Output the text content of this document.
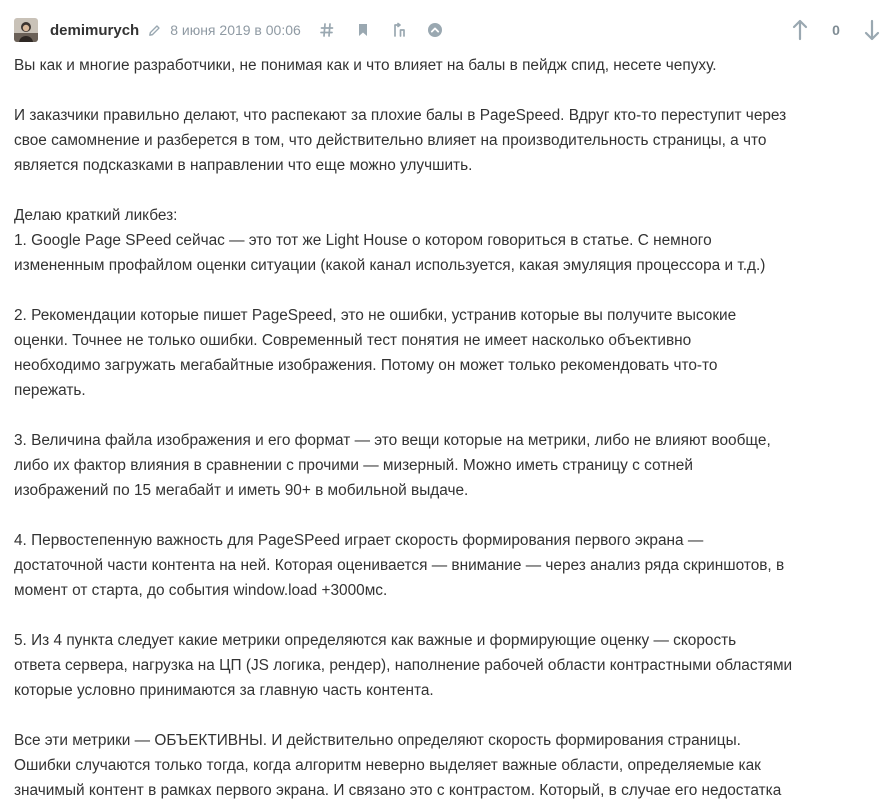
demimurych 8 июня 2019 в 00:06	0
Вы как и многие разработчики, не понимая как и что влияет на балы в пейдж спид, несете чепуху.
И заказчики правильно делают, что распекают за плохие балы в PageSpeed. Вдруг кто-то переступит через
свое самомнение и разберется в том, что действительно влияет на производительность страницы, а что
является подсказками в направлении что еще можно улучшить.
Делаю краткий ликбез:
1. Google Page SPeed сейчас — это тот же Light House о котором говориться в статье. С немного
измененным профайлом оценки ситуации (какой канал используется, какая эмуляция процессора и т.д.)
2. Рекомендации которые пишет PageSpeed, это не ошибки, устранив которые вы получите высокие
оценки. Точнее не только ошибки. Современный тест понятия не имеет насколько объективно
необходимо загружать мегабайтные изображения. Потому он может только рекомендовать что-то
пережать.
3. Величина файла изображения и его формат — это вещи которые на метрики, либо не влияют вообще,
либо их фактор влияния в сравнении с прочими — мизерный. Можно иметь страницу с сотней
изображений по 15 мегабайт и иметь 90+ в мобильной выдаче.
4. Первостепенную важность для PageSPeed играет скорость формирования первого экрана —
достаточной части контента на ней. Которая оценивается — внимание — через анализ ряда скриншотов, в
момент от старта, до события window.load +3000мс.
5. Из 4 пункта следует какие метрики определяются как важные и формирующие оценку — скорость
ответа сервера, нагрузка на ЦП (JS логика, рендер), наполнение рабочей области контрастными областями
которые условно принимаются за главную часть контента.
Все эти метрики — ОБЪЕКТИВНЫ. И действительно определяют скорость формирования страницы.
Ошибки случаются только тогда, когда алгоритм неверно выделяет важные области, определяемые как
значимый контент в рамках первого экрана. И связано это с контрастом. Который, в случае его недостатка
